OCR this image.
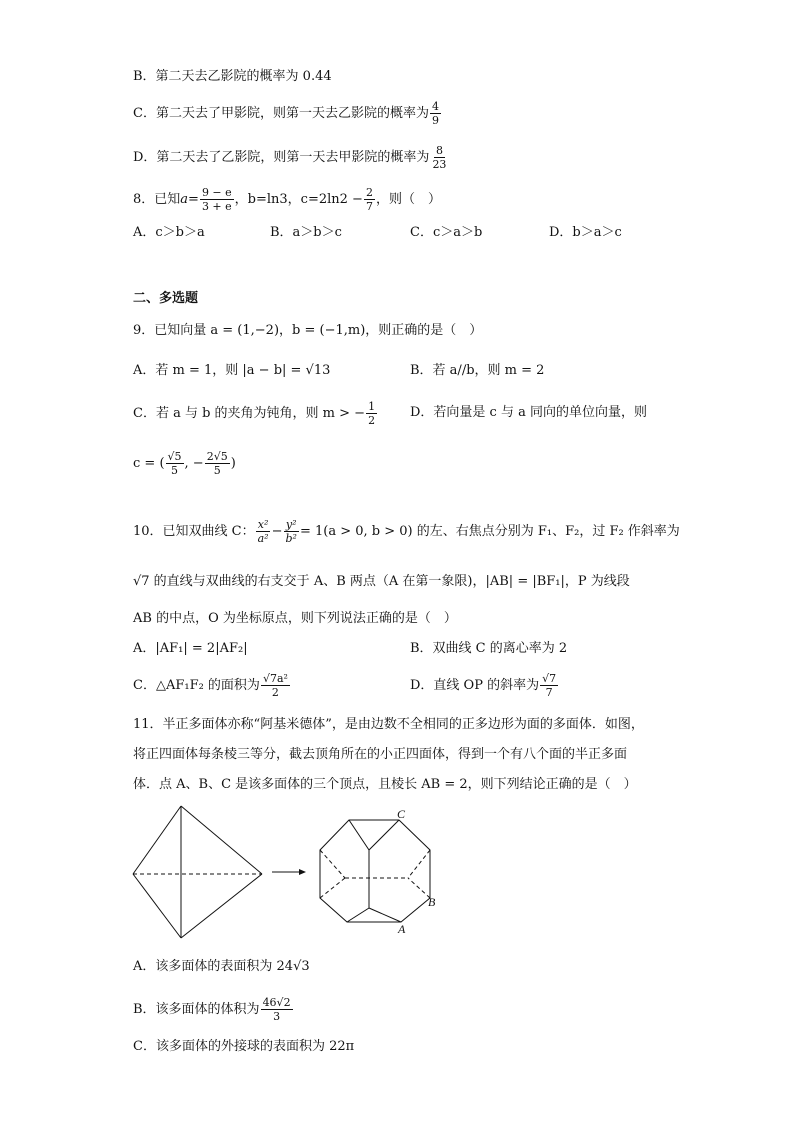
B．第二天去乙影院的概率为 0.44
C．第二天去了甲影院，则第一天去乙影院的概率为 $\frac{4}{9}$
D．第二天去了乙影院，则第一天去甲影院的概率为 $\frac{8}{23}$
8．已知$a= \frac{9 - e}{3 + e}$ ，b=ln3，$c=2\ln 2 - \frac{2}{7}$ ，则（　）
A．c＞b＞a	B．a＞b＞c	C．c＞a＞b	D．b＞a＞c
二、多选题
9．已知向量 a = (1,−2)，b = (−1,m)，则正确的是（　）
A．若 m = 1，则 |a − b| = √13	B．若 a//b，则 m = 2
C．若 a 与 b 的夹角为钝角，则 m > − $\frac{1}{2}$	D．若向量是 c 与 a 同向的单位向量，则
c = ( $\frac{√5}{5}$ , − $\frac{2√5}{5}$ )
10．已知双曲线 C： $\frac{\text{x²}}{\text{a²}} - \frac{\text{y²}}{\text{b²}} = 1(a > 0$, b > 0) 的左、右焦点分别为 F₁、F₂，过 F₂ 作斜率为
√7 的直线与双曲线的右支交于 A、B 两点（A 在第一象限)，|AB| = |BF₁|，P 为线段
AB 的中点，O 为坐标原点，则下列说法正确的是（　）
A．|AF₁| = 2|AF₂|	B．双曲线 C 的离心率为 2
C．△AF₁F₂ 的面积为 $\frac{\text{√7a²}}{2}$	D．直线 OP 的斜率为 $\frac{√7}{7}$
11．半正多面体亦称“阿基米德体”，是由边数不全相同的正多边形为面的多面体．如图，
将正四面体每条棱三等分，截去顶角所在的小正四面体，得到一个有八个面的半正多面
体．点 A、B、C 是该多面体的三个顶点，且棱长 AB = 2，则下列结论正确的是（　）
C
B
A
A．该多面体的表面积为 24√3
B．该多面体的体积为 $\frac{46√2}{3}$
C．该多面体的外接球的表面积为 22π
